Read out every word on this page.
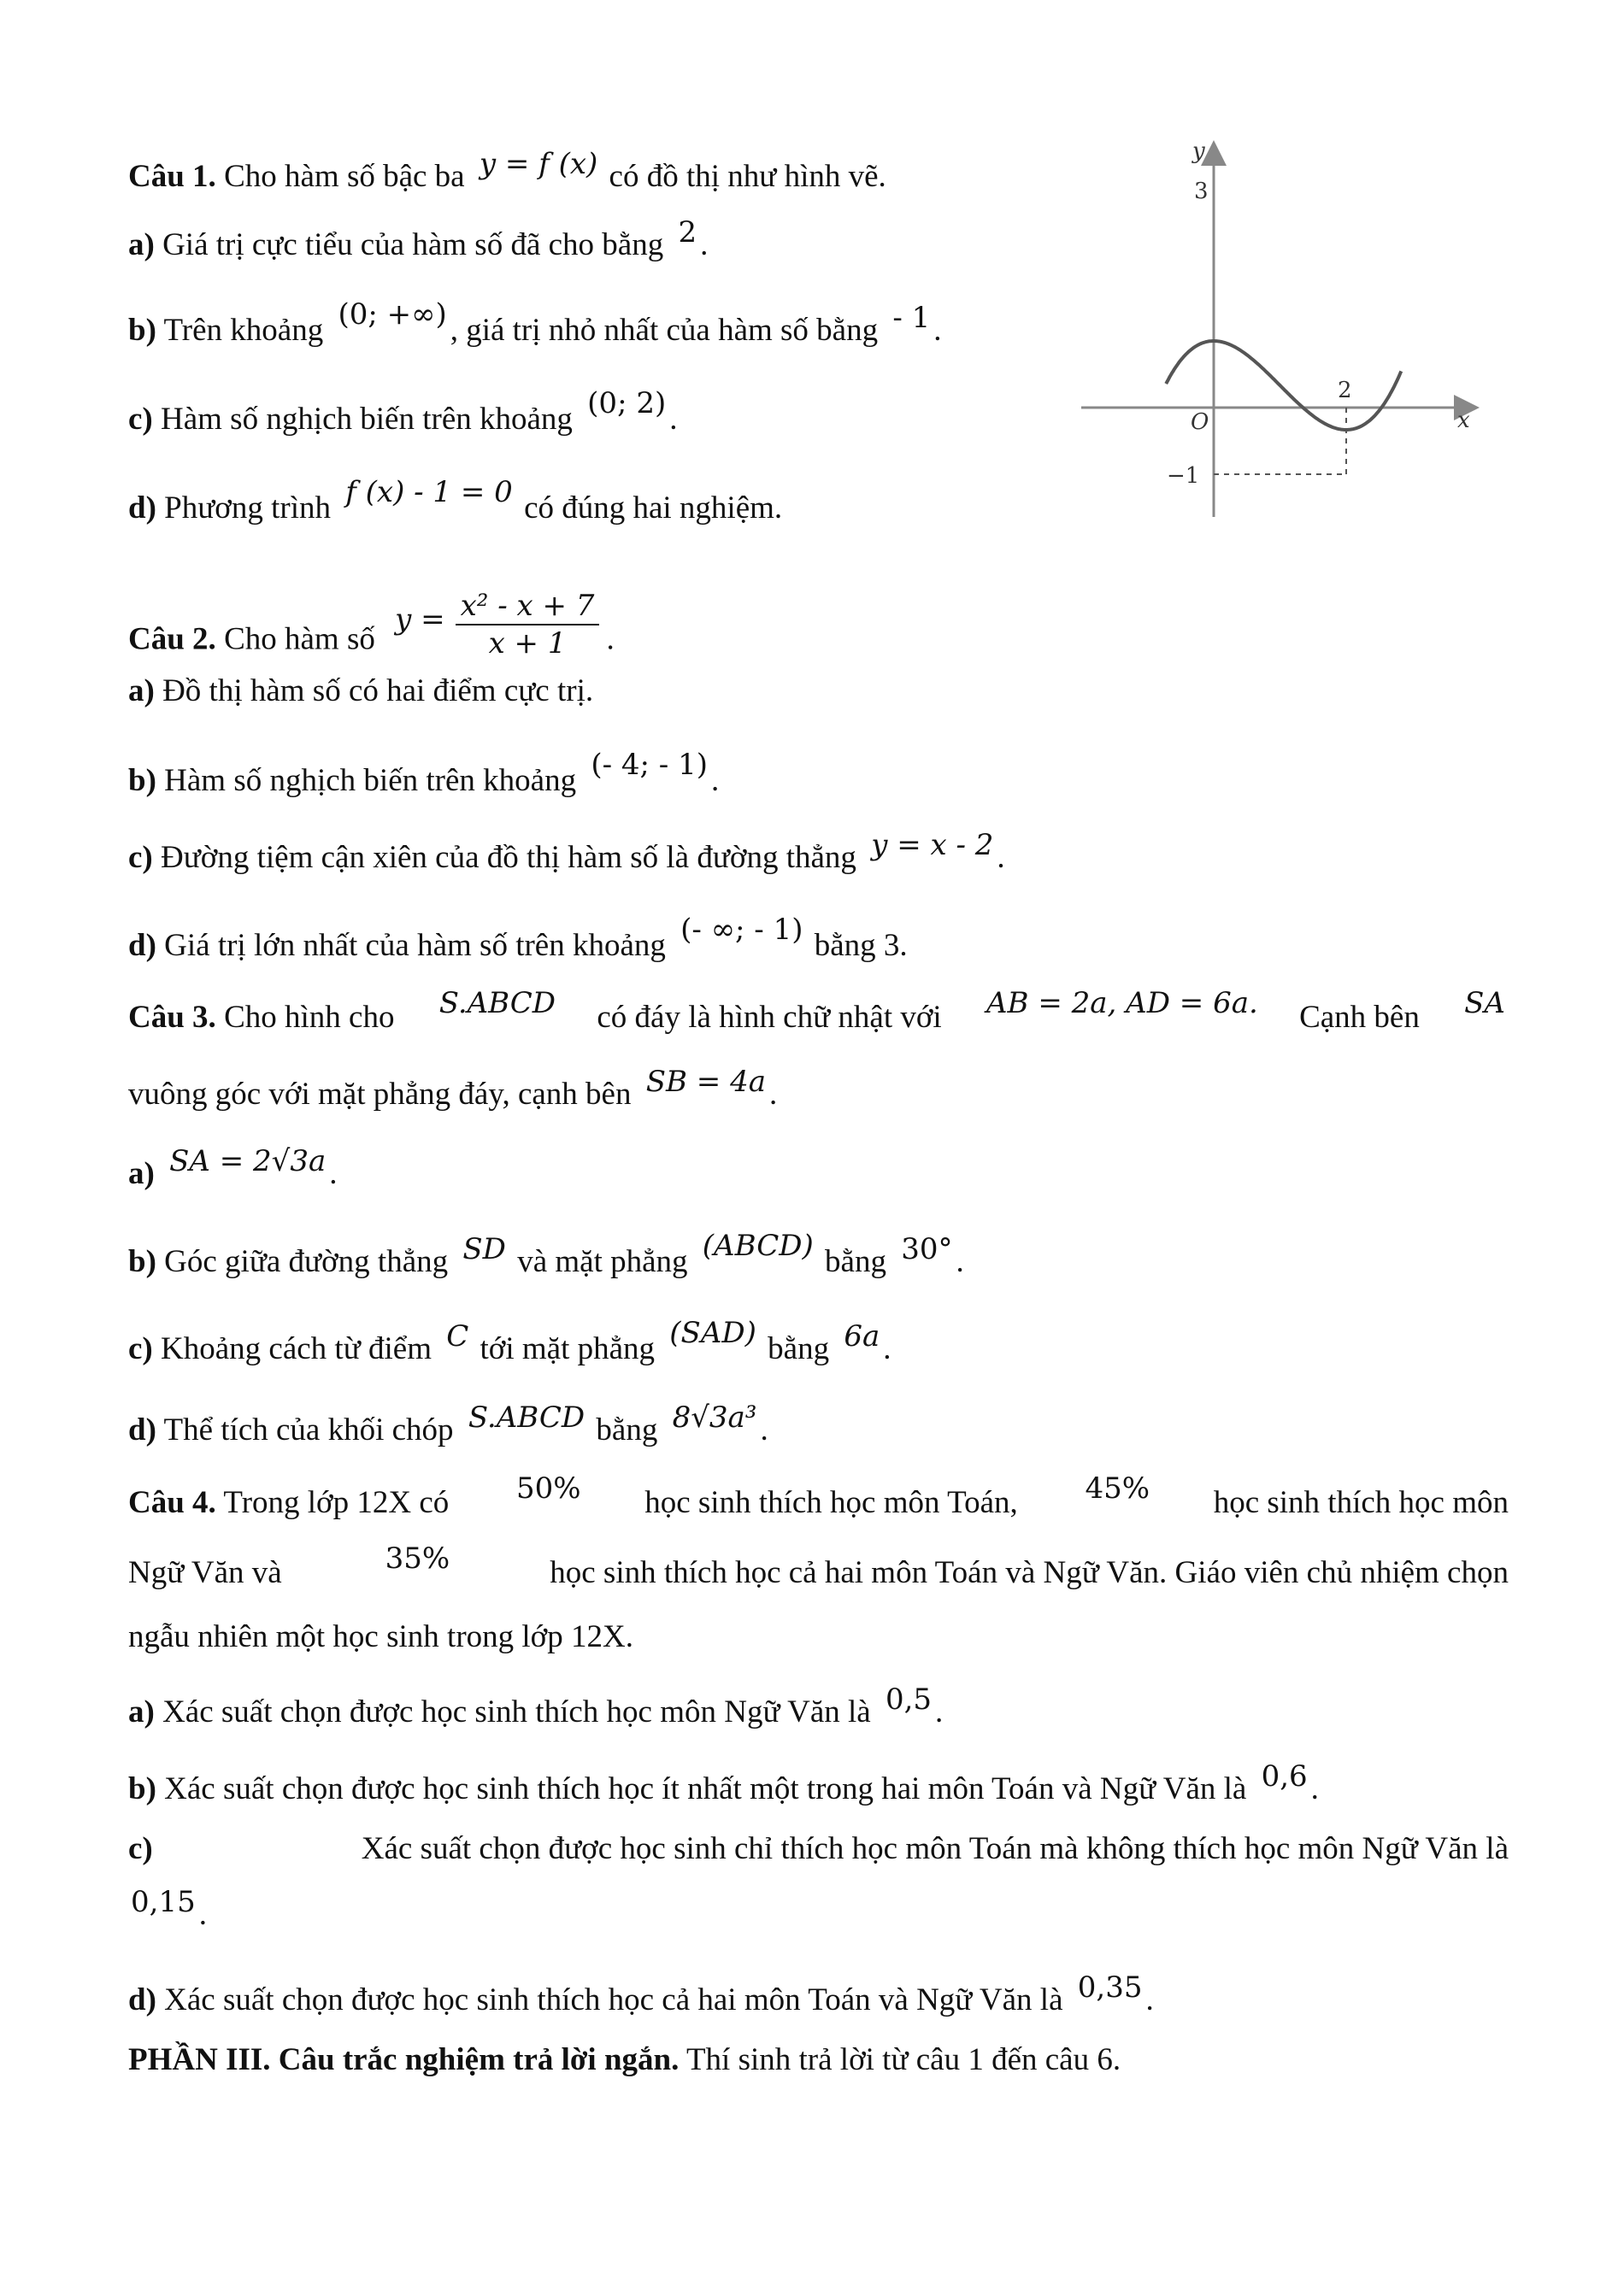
Câu 1. Cho hàm số bậc ba y = f (x) có đồ thị như hình vẽ.
a) Giá trị cực tiểu của hàm số đã cho bằng 2 .
b) Trên khoảng (0; +∞) , giá trị nhỏ nhất của hàm số bằng - 1 .
c) Hàm số nghịch biến trên khoảng (0; 2) .
d) Phương trình f (x) - 1 = 0 có đúng hai nghiệm.
y
x
O
3
2
−1
Câu 2. Cho hàm số $y = \frac{\text{x² - x + 7}}{x + 1}$ .
a) Đồ thị hàm số có hai điểm cực trị.
b) Hàm số nghịch biến trên khoảng (- 4; - 1) .
c) Đường tiệm cận xiên của đồ thị hàm số là đường thẳng y = x - 2 .
d) Giá trị lớn nhất của hàm số trên khoảng (- ∞; - 1) bằng 3.
Câu 3. Cho hình cho S.ABCD có đáy là hình chữ nhật với AB = 2a, AD = 6a. Cạnh bên SA
vuông góc với mặt phẳng đáy, cạnh bên SB = 4a .
a) SA = 2√3a .
b) Góc giữa đường thẳng SD và mặt phẳng (ABCD) bằng 30° .
c) Khoảng cách từ điểm C tới mặt phẳng (SAD) bằng 6a .
d) Thể tích của khối chóp S.ABCD bằng 8√3a³ .
Câu 4. Trong lớp 12X có 50% học sinh thích học môn Toán, 45% học sinh thích học môn
Ngữ Văn và	35%	học sinh thích học cả hai môn Toán và Ngữ Văn. Giáo viên chủ nhiệm chọn
ngẫu nhiên một học sinh trong lớp 12X.
a) Xác suất chọn được học sinh thích học môn Ngữ Văn là 0,5 .
b) Xác suất chọn được học sinh thích học ít nhất một trong hai môn Toán và Ngữ Văn là 0,6 .
c)	Xác suất chọn được học sinh chỉ thích học môn Toán mà không thích học môn Ngữ Văn là
0,15 .
d) Xác suất chọn được học sinh thích học cả hai môn Toán và Ngữ Văn là 0,35 .
PHẦN III. Câu trắc nghiệm trả lời ngắn. Thí sinh trả lời từ câu 1 đến câu 6.
